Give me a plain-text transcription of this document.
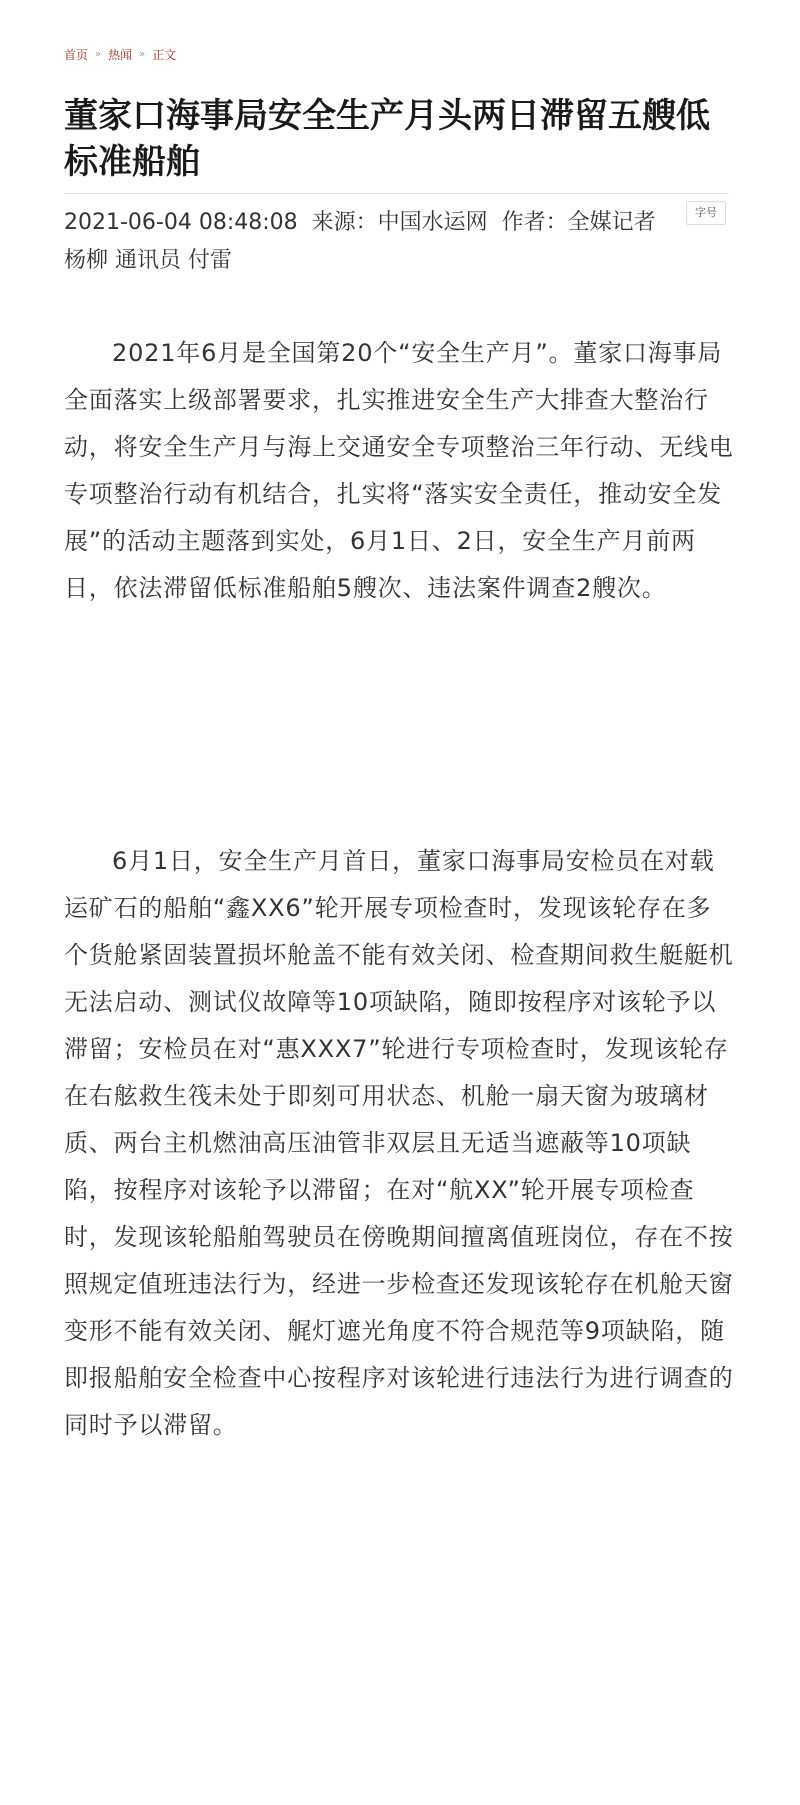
首页 » 热闻 » 正文
董家口海事局安全生产月头两日滞留五艘低标准船舶
2021-06-04 08:48:08 来源：中国水运网 作者：全媒记者 杨柳 通讯员 付雷
字号

2021年6月是全国第20个“安全生产月”。董家口海事局全面落实上级部署要求，扎实推进安全生产大排查大整治行动，将安全生产月与海上交通安全专项整治三年行动、无线电专项整治行动有机结合，扎实将“落实安全责任，推动安全发展”的活动主题落到实处，6月1日、2日，安全生产月前两日，依法滞留低标准船舶5艘次、违法案件调查2艘次。

6月1日，安全生产月首日，董家口海事局安检员在对载运矿石的船舶“鑫XX6”轮开展专项检查时，发现该轮存在多个货舱紧固装置损坏舱盖不能有效关闭、检查期间救生艇艇机无法启动、测试仪故障等10项缺陷，随即按程序对该轮予以滞留；安检员在对“惠XXX7”轮进行专项检查时，发现该轮存在右舷救生筏未处于即刻可用状态、机舱一扇天窗为玻璃材质、两台主机燃油高压油管非双层且无适当遮蔽等10项缺陷，按程序对该轮予以滞留；在对“航XX”轮开展专项检查时，发现该轮船舶驾驶员在傍晚期间擅离值班岗位，存在不按照规定值班违法行为，经进一步检查还发现该轮存在机舱天窗变形不能有效关闭、艉灯遮光角度不符合规范等9项缺陷，随即报船舶安全检查中心按程序对该轮进行违法行为进行调查的同时予以滞留。
